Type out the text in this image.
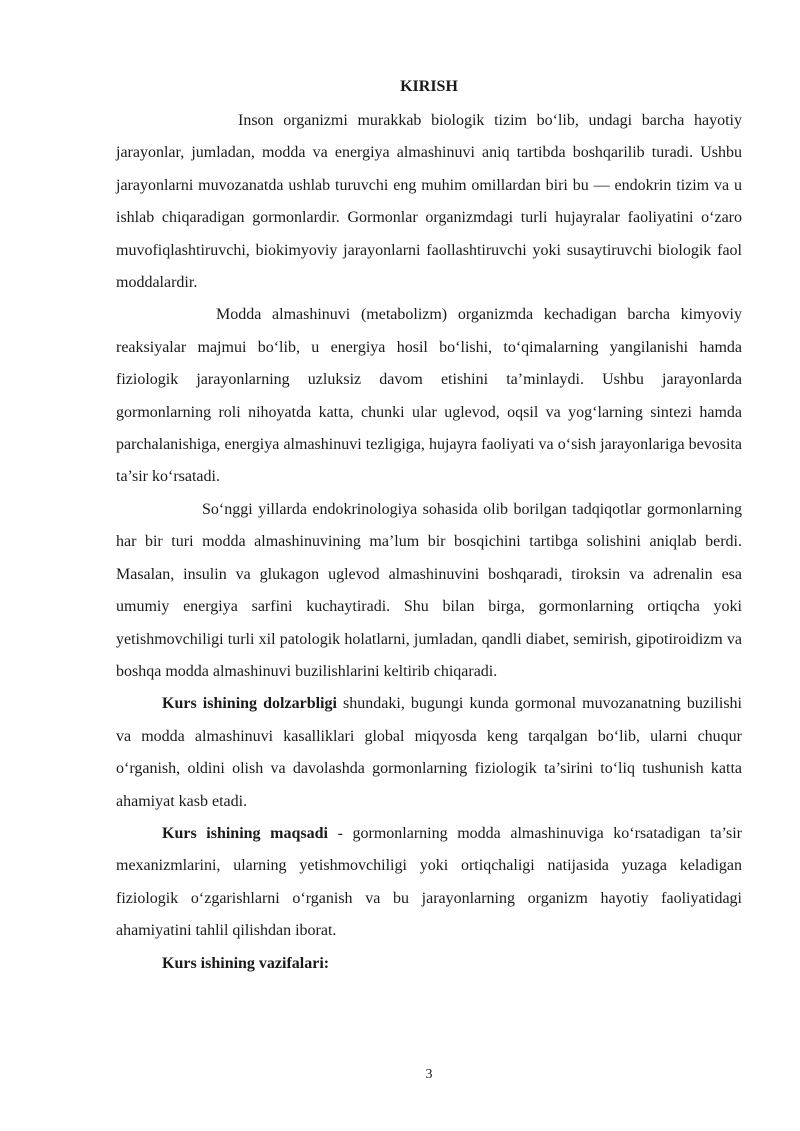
KIRISH

Inson organizmi murakkab biologik tizim bo‘lib, undagi barcha hayotiy jarayonlar, jumladan, modda va energiya almashinuvi aniq tartibda boshqarilib turadi. Ushbu jarayonlarni muvozanatda ushlab turuvchi eng muhim omillardan biri bu — endokrin tizim va u ishlab chiqaradigan gormonlardir. Gormonlar organizmdagi turli hujayralar faoliyatini o‘zaro muvofiqlashtiruvchi, biokimyoviy jarayonlarni faollashtiruvchi yoki susaytiruvchi biologik faol moddalardir.

Modda almashinuvi (metabolizm) organizmda kechadigan barcha kimyoviy reaksiyalar majmui bo‘lib, u energiya hosil bo‘lishi, to‘qimalarning yangilanishi hamda fiziologik jarayonlarning uzluksiz davom etishini ta’minlaydi. Ushbu jarayonlarda gormonlarning roli nihoyatda katta, chunki ular uglevod, oqsil va yog‘larning sintezi hamda parchalanishiga, energiya almashinuvi tezligiga, hujayra faoliyati va o‘sish jarayonlariga bevosita ta’sir ko‘rsatadi.

So‘nggi yillarda endokrinologiya sohasida olib borilgan tadqiqotlar gormonlarning har bir turi modda almashinuvining ma’lum bir bosqichini tartibga solishini aniqlab berdi. Masalan, insulin va glukagon uglevod almashinuvini boshqaradi, tiroksin va adrenalin esa umumiy energiya sarfini kuchaytiradi. Shu bilan birga, gormonlarning ortiqcha yoki yetishmovchiligi turli xil patologik holatlarni, jumladan, qandli diabet, semirish, gipotiroidizm va boshqa modda almashinuvi buzilishlarini keltirib chiqaradi.

Kurs ishining dolzarbligi shundaki, bugungi kunda gormonal muvozanatning buzilishi va modda almashinuvi kasalliklari global miqyosda keng tarqalgan bo‘lib, ularni chuqur o‘rganish, oldini olish va davolashda gormonlarning fiziologik ta’sirini to‘liq tushunish katta ahamiyat kasb etadi.

Kurs ishining maqsadi - gormonlarning modda almashinuviga ko‘rsatadigan ta’sir mexanizmlarini, ularning yetishmovchiligi yoki ortiqchaligi natijasida yuzaga keladigan fiziologik o‘zgarishlarni o‘rganish va bu jarayonlarning organizm hayotiy faoliyatidagi ahamiyatini tahlil qilishdan iborat.

Kurs ishining vazifalari:

3
